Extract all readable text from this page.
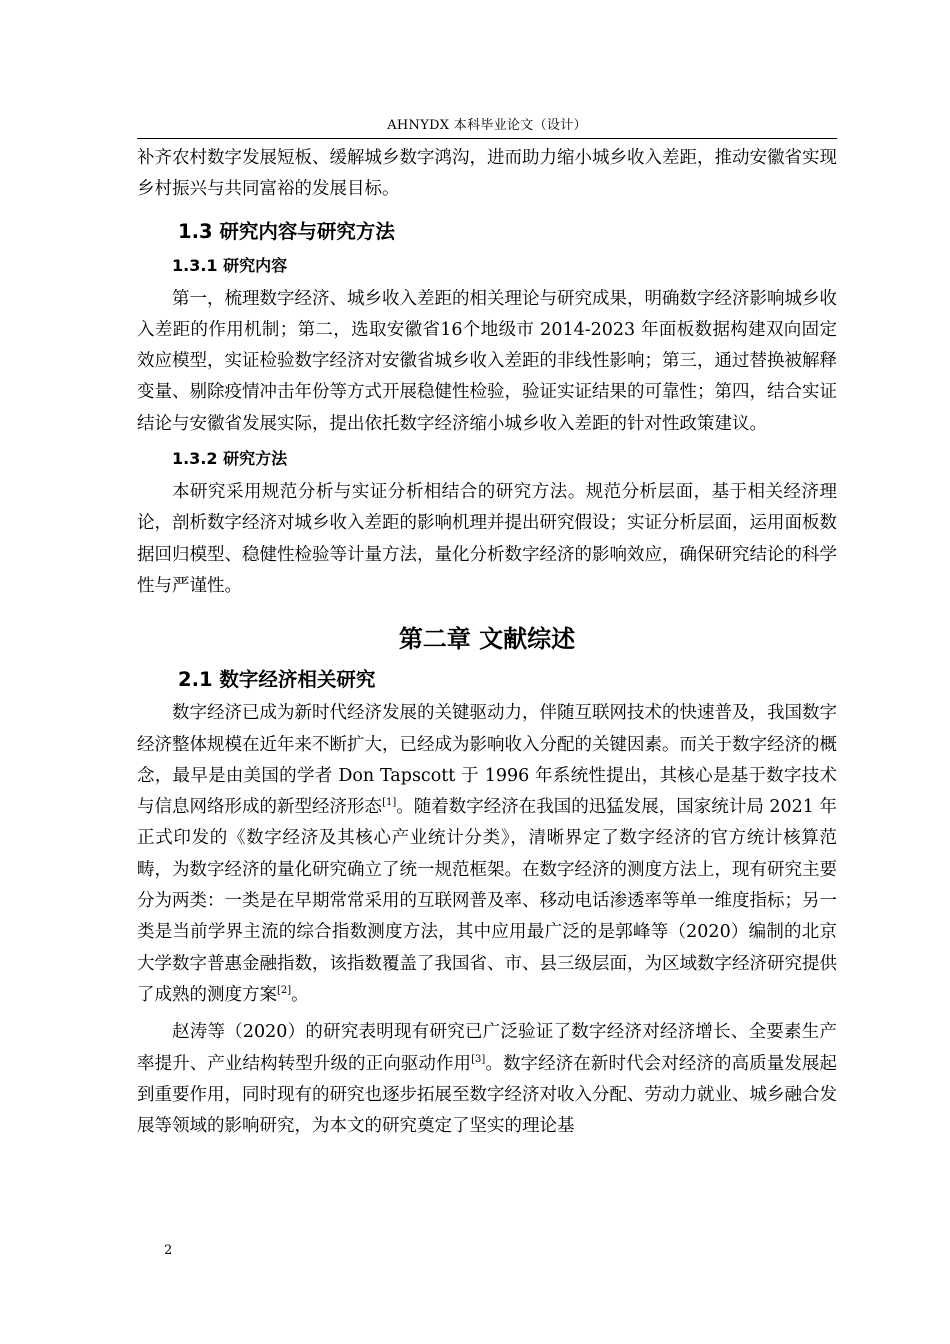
AHNYDX 本科毕业论文（设计）

补齐农村数字发展短板、缓解城乡数字鸿沟，进而助力缩小城乡收入差距，推动安徽省实现乡村振兴与共同富裕的发展目标。

1.3 研究内容与研究方法
1.3.1 研究内容

第一，梳理数字经济、城乡收入差距的相关理论与研究成果，明确数字经济影响城乡收入差距的作用机制；第二，选取安徽省16个地级市 2014-2023 年面板数据构建双向固定效应模型，实证检验数字经济对安徽省城乡收入差距的非线性影响；第三，通过替换被解释变量、剔除疫情冲击年份等方式开展稳健性检验，验证实证结果的可靠性；第四，结合实证结论与安徽省发展实际，提出依托数字经济缩小城乡收入差距的针对性政策建议。

1.3.2 研究方法

本研究采用规范分析与实证分析相结合的研究方法。规范分析层面，基于相关经济理论，剖析数字经济对城乡收入差距的影响机理并提出研究假设；实证分析层面，运用面板数据回归模型、稳健性检验等计量方法，量化分析数字经济的影响效应，确保研究结论的科学性与严谨性。

第二章 文献综述
2.1 数字经济相关研究

数字经济已成为新时代经济发展的关键驱动力，伴随互联网技术的快速普及，我国数字经济整体规模在近年来不断扩大，已经成为影响收入分配的关键因素。而关于数字经济的概念，最早是由美国的学者 Don Tapscott 于 1996 年系统性提出，其核心是基于数字技术与信息网络形成的新型经济形态[1]。随着数字经济在我国的迅猛发展，国家统计局 2021 年正式印发的《数字经济及其核心产业统计分类》，清晰界定了数字经济的官方统计核算范畴，为数字经济的量化研究确立了统一规范框架。在数字经济的测度方法上，现有研究主要分为两类：一类是在早期常常采用的互联网普及率、移动电话渗透率等单一维度指标；另一类是当前学界主流的综合指数测度方法，其中应用最广泛的是郭峰等（2020）编制的北京大学数字普惠金融指数，该指数覆盖了我国省、市、县三级层面，为区域数字经济研究提供了成熟的测度方案[2]。

赵涛等（2020）的研究表明现有研究已广泛验证了数字经济对经济增长、全要素生产率提升、产业结构转型升级的正向驱动作用[3]。数字经济在新时代会对经济的高质量发展起到重要作用，同时现有的研究也逐步拓展至数字经济对收入分配、劳动力就业、城乡融合发展等领域的影响研究，为本文的研究奠定了坚实的理论基

2
